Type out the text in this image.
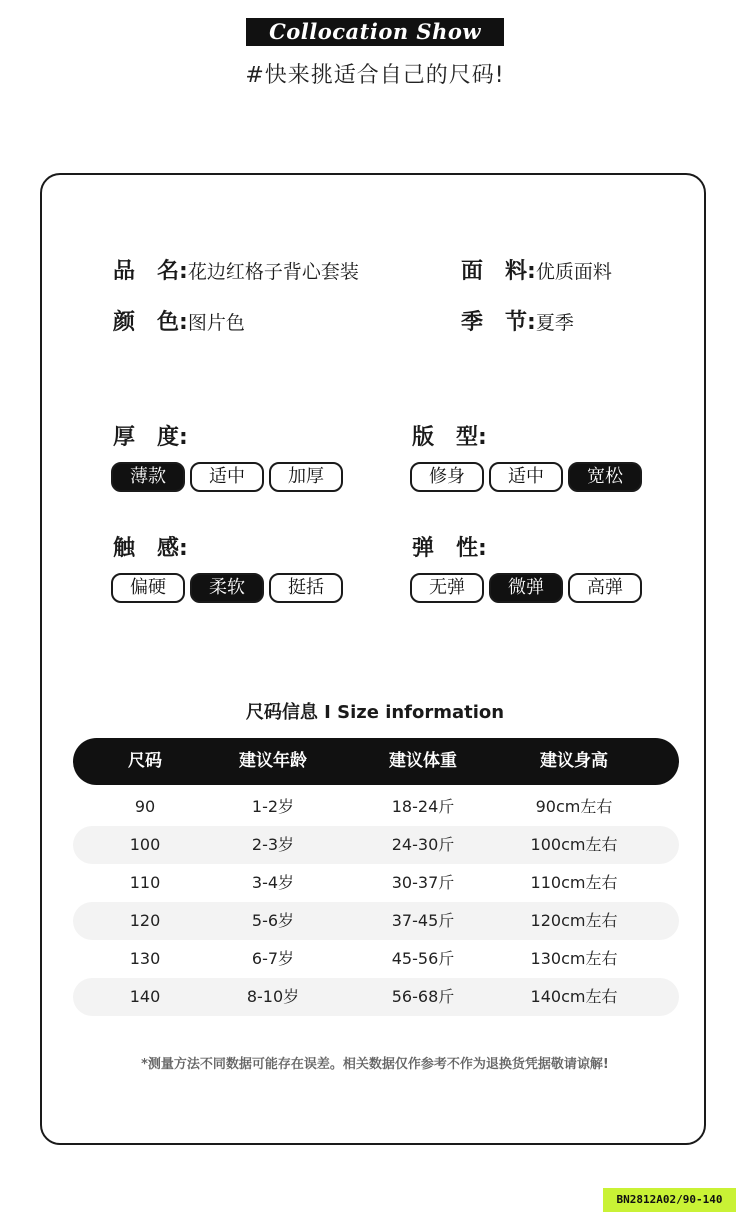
Collocation Show
#快来挑适合自己的尺码!
品　名:花边红格子背心套装	面　料:优质面料
颜　色:图片色	季　节:夏季
厚　度:
薄款	适中	加厚
版　型:
修身	适中	宽松
触　感:
偏硬	柔软	挺括
弹　性:
无弹	微弹	高弹
尺码信息 I Size information
尺码	建议年龄	建议体重	建议身高
90	1-2岁	18-24斤	90cm左右
100	2-3岁	24-30斤	100cm左右
110	3-4岁	30-37斤	110cm左右
120	5-6岁	37-45斤	120cm左右
130	6-7岁	45-56斤	130cm左右
140	8-10岁	56-68斤	140cm左右
*测量方法不同数据可能存在误差。相关数据仅作参考不作为退换货凭据敬请谅解!
BN2812A02/90-140
